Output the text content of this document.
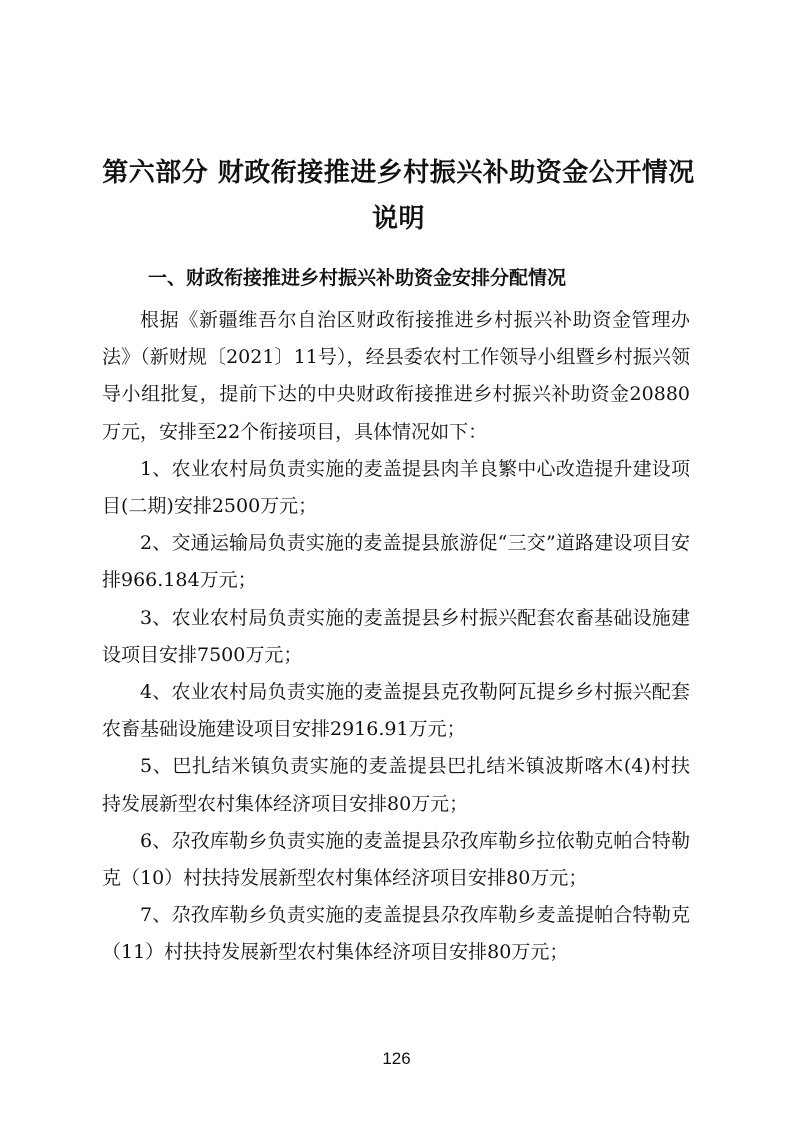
第六部分 财政衔接推进乡村振兴补助资金公开情况说明
一、财政衔接推进乡村振兴补助资金安排分配情况

根据《新疆维吾尔自治区财政衔接推进乡村振兴补助资金管理办法》（新财规〔2021〕11号），经县委农村工作领导小组暨乡村振兴领导小组批复，提前下达的中央财政衔接推进乡村振兴补助资金20880万元，安排至22个衔接项目，具体情况如下：

1、农业农村局负责实施的麦盖提县肉羊良繁中心改造提升建设项目(二期)安排2500万元；

2、交通运输局负责实施的麦盖提县旅游促“三交”道路建设项目安排966.184万元；

3、农业农村局负责实施的麦盖提县乡村振兴配套农畜基础设施建设项目安排7500万元；

4、农业农村局负责实施的麦盖提县克孜勒阿瓦提乡乡村振兴配套农畜基础设施建设项目安排2916.91万元；

5、巴扎结米镇负责实施的麦盖提县巴扎结米镇波斯喀木(4)村扶持发展新型农村集体经济项目安排80万元；

6、尕孜库勒乡负责实施的麦盖提县尕孜库勒乡拉依勒克帕合特勒克（10）村扶持发展新型农村集体经济项目安排80万元；

7、尕孜库勒乡负责实施的麦盖提县尕孜库勒乡麦盖提帕合特勒克（11）村扶持发展新型农村集体经济项目安排80万元；

126
